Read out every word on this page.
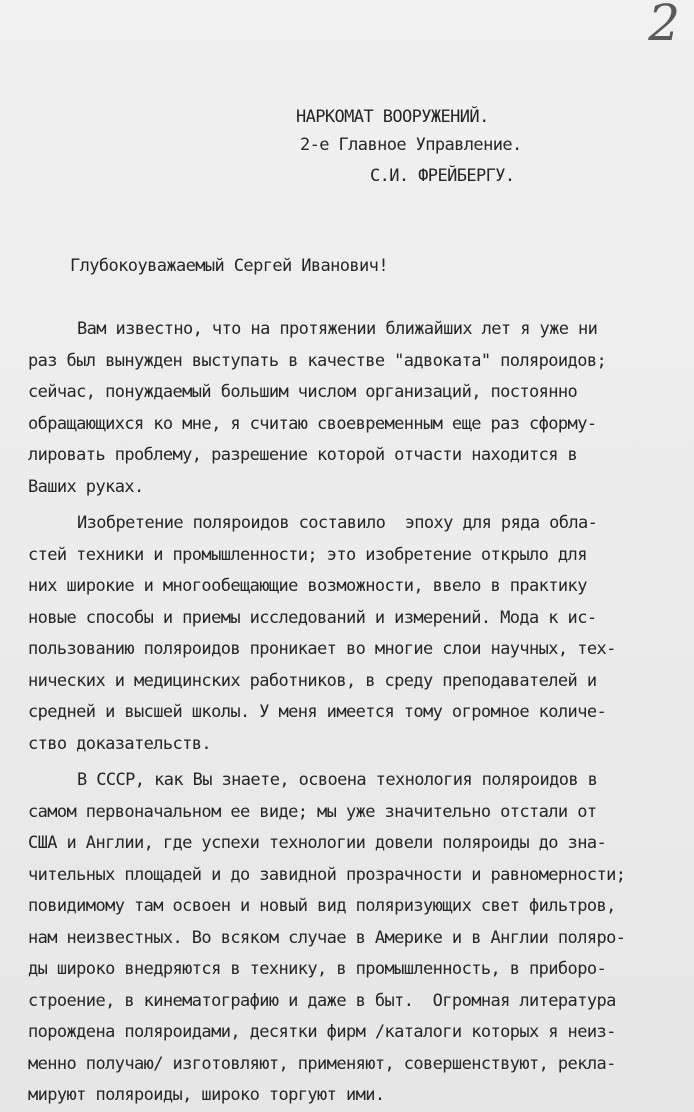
2

НАРКОМАТ ВООРУЖЕНИЙ.

2-е Главное Управление.

С.И. ФРЕЙБЕРГУ.

Глубокоуважаемый Сергей Иванович!

Вам известно, что на протяжении ближайших лет я уже ни
раз был вынужден выступать в качестве "адвоката" поляроидов;
сейчас, понуждаемый большим числом организаций, постоянно
обращающихся ко мне, я считаю своевременным еще раз сформу-
лировать проблему, разрешение которой отчасти находится в
Ваших руках.
Изобретение поляроидов составило  эпоху для ряда обла-
стей техники и промышленности; это изобретение открыло для
них широкие и многообещающие возможности, ввело в практику
новые способы и приемы исследований и измерений. Мода к ис-
пользованию поляроидов проникает во многие слои научных, тех-
нических и медицинских работников, в среду преподавателей и
средней и высшей школы. У меня имеется тому огромное количе-
ство доказательств.
В СССР, как Вы знаете, освоена технология поляроидов в
самом первоначальном ее виде; мы уже значительно отстали от
США и Англии, где успехи технологии довели поляроиды до зна-
чительных площадей и до завидной прозрачности и равномерности;
повидимому там освоен и новый вид поляризующих свет фильтров,
нам неизвестных. Во всяком случае в Америке и в Англии поляро-
ды широко внедряются в технику, в промышленность, в приборо-
строение, в кинематографию и даже в быт.  Огромная литература
порождена поляроидами, десятки фирм /каталоги которых я неиз-
менно получаю/ изготовляют, применяют, совершенствуют, рекла-
мируют поляроиды, широко торгуют ими.
